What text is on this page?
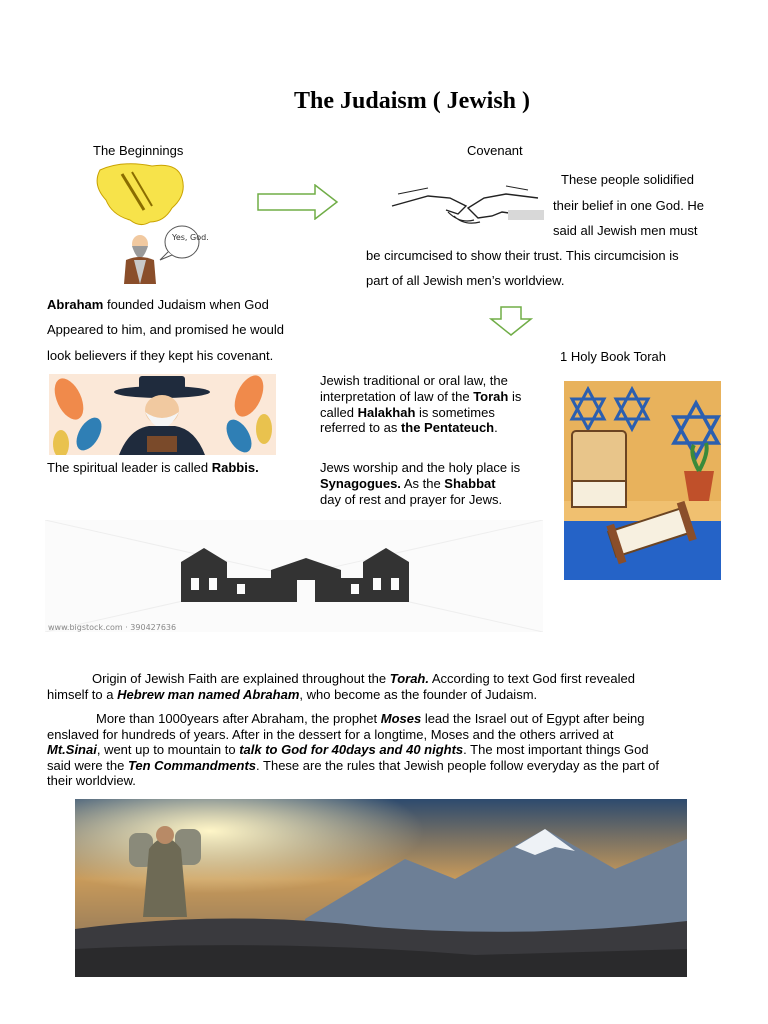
The Judaism ( Jewish )
The Beginnings
Yes, God.
Covenant
These people solidified
their belief in one God. He
said all Jewish men must
be circumcised to show their trust. This circumcision is
part of all Jewish men’s worldview.
Abraham founded Judaism when God
Appeared to him, and promised he would
look believers if they kept his covenant.	1 Holy Book Torah
Jewish traditional or oral law, the
interpretation of law of the Torah is
called Halakhah is sometimes
referred to as the Pentateuch.
The spiritual leader is called Rabbis.	Jews worship and the holy place is
Synagogues. As the Shabbat
day of rest and prayer for Jews.
www.bigstock.com · 390427636
Origin of Jewish Faith are explained throughout the Torah. According to text God first revealed
himself to a Hebrew man named Abraham, who become as the founder of Judaism.
More than 1000years after Abraham, the prophet Moses lead the Israel out of Egypt after being
enslaved for hundreds of years. After in the dessert for a longtime, Moses and the others arrived at
Mt.Sinai, went up to mountain to talk to God for 40days and 40 nights. The most important things God
said were the Ten Commandments. These are the rules that Jewish people follow everyday as the part of
their worldview.
